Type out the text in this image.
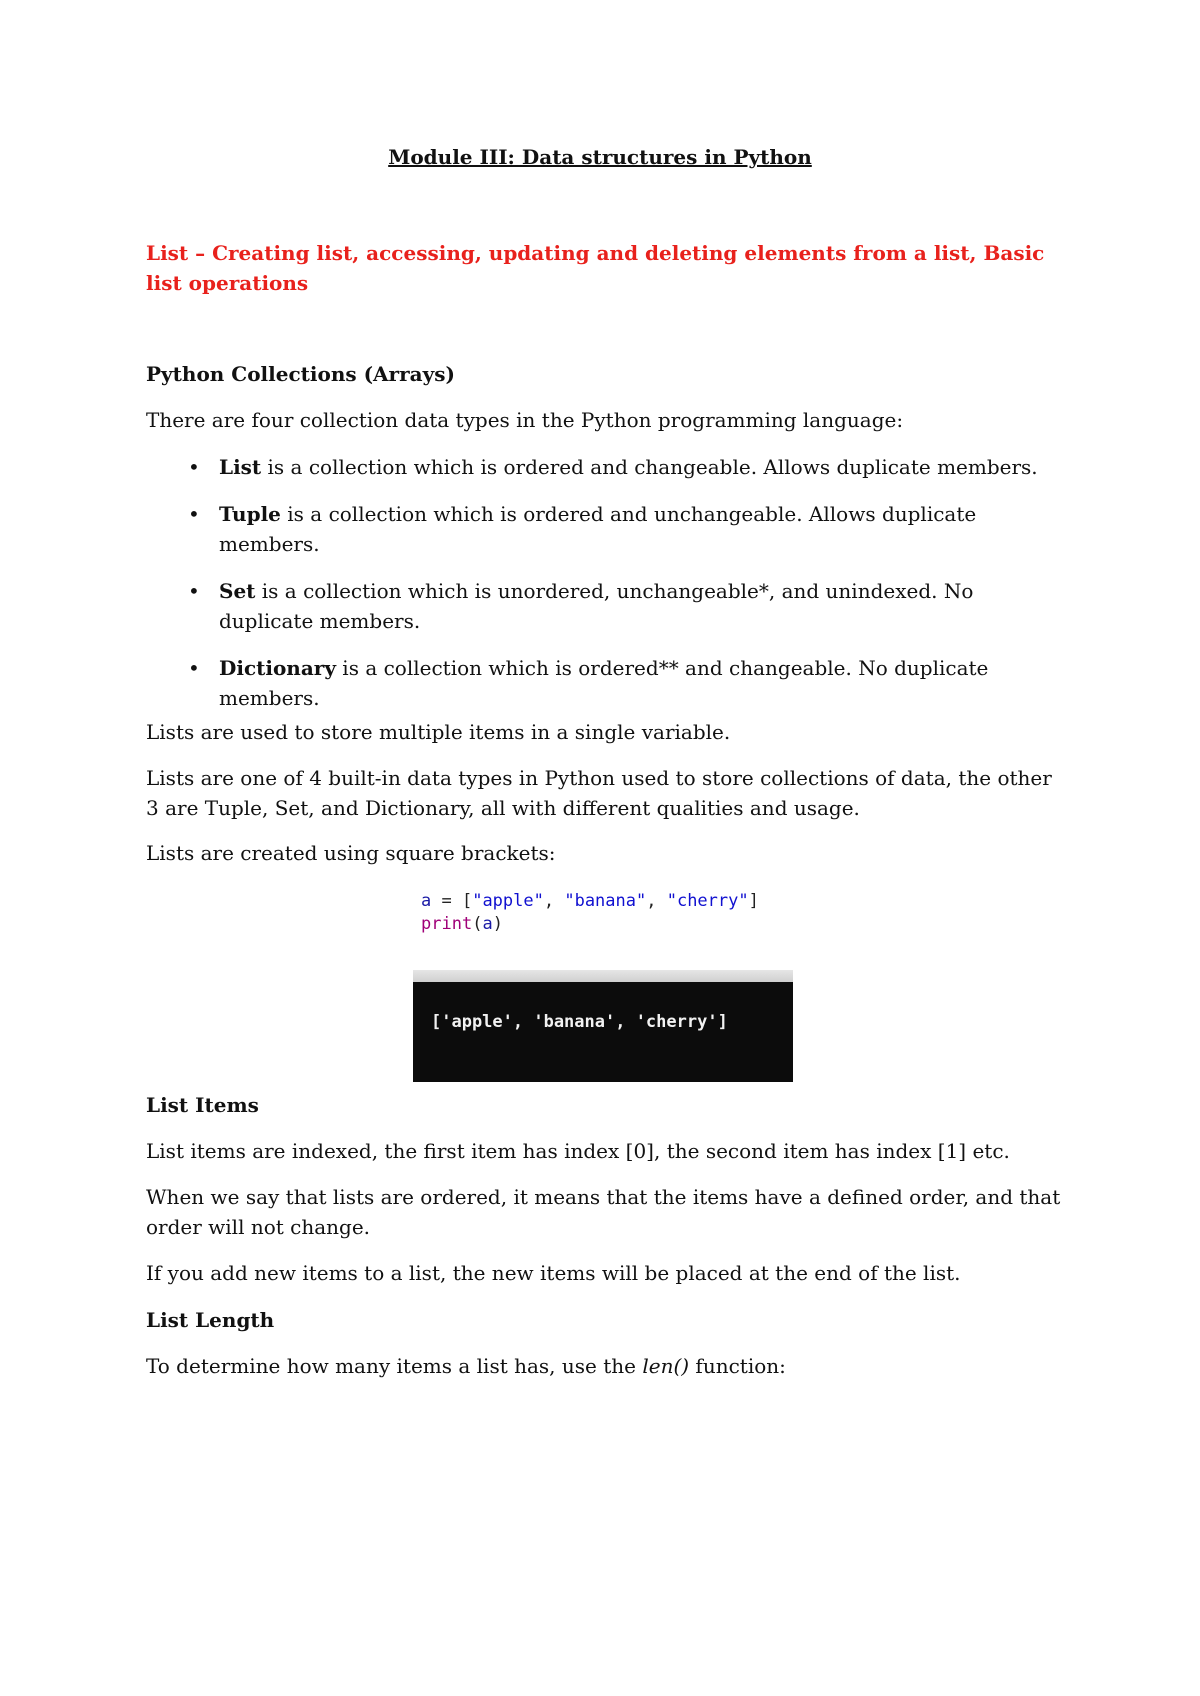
Module III: Data structures in Python
List – Creating list, accessing, updating and deleting elements from a list, Basic list operations
Python Collections (Arrays)
There are four collection data types in the Python programming language:
• List is a collection which is ordered and changeable. Allows duplicate members.
• Tuple is a collection which is ordered and unchangeable. Allows duplicate members.
• Set is a collection which is unordered, unchangeable*, and unindexed. No duplicate members.
• Dictionary is a collection which is ordered** and changeable. No duplicate members.
Lists are used to store multiple items in a single variable.
Lists are one of 4 built-in data types in Python used to store collections of data, the other 3 are Tuple, Set, and Dictionary, all with different qualities and usage.
Lists are created using square brackets:
a = ["apple", "banana", "cherry"]
print(a)
['apple', 'banana', 'cherry']
List Items
List items are indexed, the first item has index [0], the second item has index [1] etc.
When we say that lists are ordered, it means that the items have a defined order, and that order will not change.
If you add new items to a list, the new items will be placed at the end of the list.
List Length
To determine how many items a list has, use the len() function:
